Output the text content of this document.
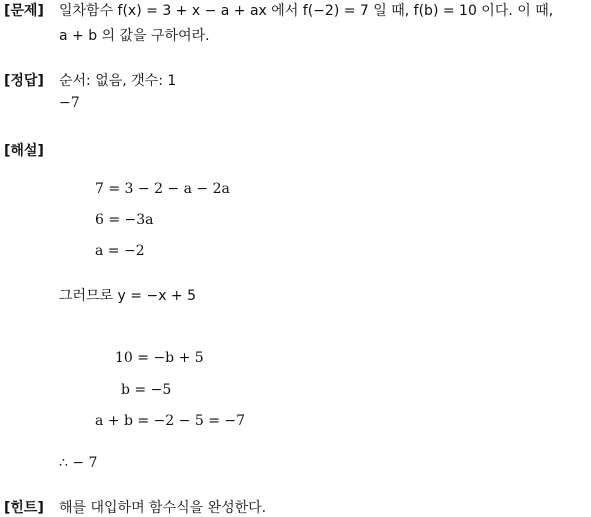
[문제] 일차함수 f(x) = 3 + x − a + ax 에서 f(−2) = 7 일 때, f(b) = 10 이다. 이 때,
a + b 의 값을 구하여라.
[정답] 순서: 없음, 갯수: 1
−7
[해설]
7 = 3 − 2 − a − 2a
6 = −3a
a = −2
그러므로 y = −x + 5
10 = −b + 5
b = −5
a + b = −2 − 5 = −7
∴ − 7
[힌트] 해를 대입하며 함수식을 완성한다.
